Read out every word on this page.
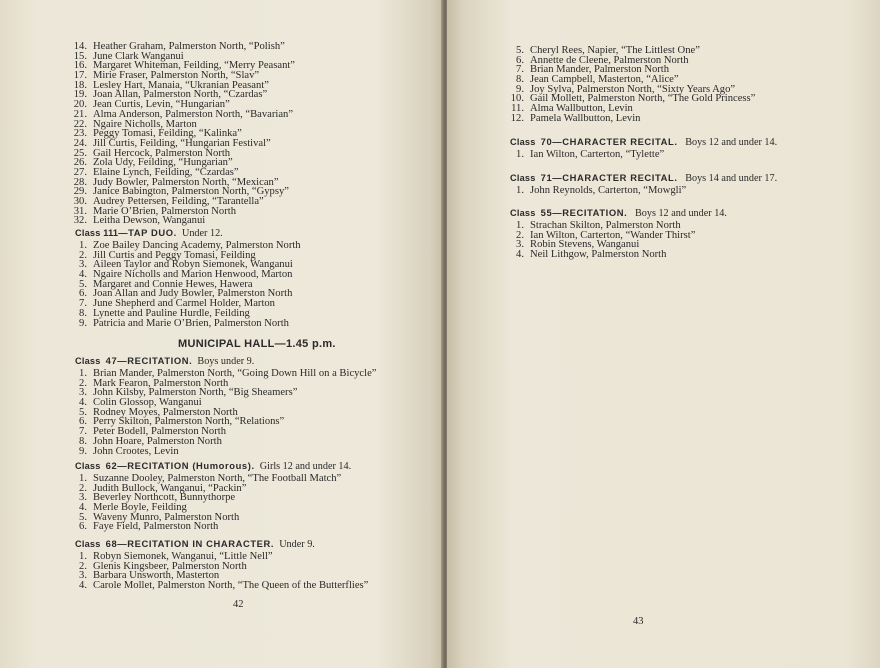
14. Heather Graham, Palmerston North, “Polish”
15. June Clark Wanganui
16. Margaret Whiteman, Feilding, “Merry Peasant”
17. Mirie Fraser, Palmerston North, “Slav”
18. Lesley Hart, Manaia, “Ukranian Peasant”
19. Joan Allan, Palmerston North, “Czardas”
20. Jean Curtis, Levin, “Hungarian”
21. Alma Anderson, Palmerston North, “Bavarian”
22. Ngaire Nicholls, Marton
23. Peggy Tomasi, Feilding, “Kalinka”
24. Jill Curtis, Feilding, “Hungarian Festival”
25. Gail Hercock, Palmerston North
26. Zola Udy, Feilding, “Hungarian”
27. Elaine Lynch, Feilding, “Czardas”
28. Judy Bowler, Palmerston North, “Mexican”
29. Janice Babington, Palmerston North, “Gypsy”
30. Audrey Pettersen, Feilding, “Tarantella”
31. Marie O’Brien, Palmerston North
32. Leitha Dewson, Wanganui
Class 111—TAP DUO. Under 12.
1. Zoe Bailey Dancing Academy, Palmerston North
2. Jill Curtis and Peggy Tomasi, Feilding
3. Aileen Taylor and Robyn Siemonek, Wanganui
4. Ngaire Nicholls and Marion Henwood, Marton
5. Margaret and Connie Hewes, Hawera
6. Joan Allan and Judy Bowler, Palmerston North
7. June Shepherd and Carmel Holder, Marton
8. Lynette and Pauline Hurdle, Feilding
9. Patricia and Marie O’Brien, Palmerston North
MUNICIPAL HALL—1.45 p.m.
Class 47—RECITATION. Boys under 9.
1. Brian Mander, Palmerston North, “Going Down Hill on a Bicycle”
2. Mark Fearon, Palmerston North
3. John Kilsby, Palmerston North, “Big Sheamers”
4. Colin Glossop, Wanganui
5. Rodney Moyes, Palmerston North
6. Perry Skilton, Palmerston North, “Relations”
7. Peter Bodell, Palmerston North
8. John Hoare, Palmerston North
9. John Crootes, Levin
Class 62—RECITATION (Humorous). Girls 12 and under 14.
1. Suzanne Dooley, Palmerston North, “The Football Match”
2. Judith Bullock, Wanganui, “Packin”
3. Beverley Northcott, Bunnythorpe
4. Merle Boyle, Feilding
5. Waveny Munro, Palmerston North
6. Faye Field, Palmerston North
Class 68—RECITATION IN CHARACTER. Under 9.
1. Robyn Siemonek, Wanganui, “Little Nell”
2. Glenis Kingsbeer, Palmerston North
3. Barbara Unsworth, Masterton
4. Carole Mollet, Palmerston North, “The Queen of the Butterflies”
42
5. Cheryl Rees, Napier, “The Littlest One”
6. Annette de Cleene, Palmerston North
7. Brian Mander, Palmerston North
8. Jean Campbell, Masterton, “Alice”
9. Joy Sylva, Palmerston North, “Sixty Years Ago”
10. Gail Mollett, Palmerston North, “The Gold Princess”
11. Alma Wallbutton, Levin
12. Pamela Wallbutton, Levin
Class 70—CHARACTER RECITAL. Boys 12 and under 14.
1. Ian Wilton, Carterton, “Tylette”
Class 71—CHARACTER RECITAL. Boys 14 and under 17.
1. John Reynolds, Carterton, “Mowgli”
Class 55—RECITATION. Boys 12 and under 14.
1. Strachan Skilton, Palmerston North
2. Ian Wilton, Carterton, “Wander Thirst”
3. Robin Stevens, Wanganui
4. Neil Lithgow, Palmerston North
43
